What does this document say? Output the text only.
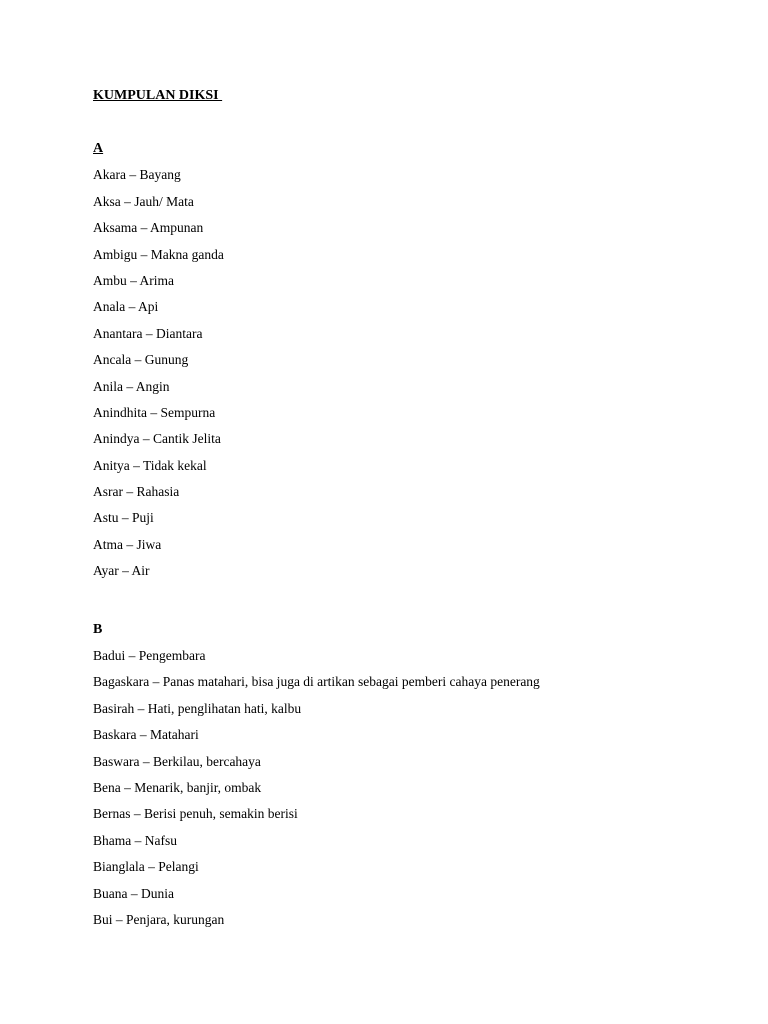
KUMPULAN DIKSI
A
Akara – Bayang
Aksa – Jauh/ Mata
Aksama – Ampunan
Ambigu – Makna ganda
Ambu – Arima
Anala – Api
Anantara – Diantara
Ancala – Gunung
Anila – Angin
Anindhita – Sempurna
Anindya – Cantik Jelita
Anitya – Tidak kekal
Asrar – Rahasia
Astu – Puji
Atma – Jiwa
Ayar – Air
B
Badui – Pengembara
Bagaskara – Panas matahari, bisa juga di artikan sebagai pemberi cahaya penerang
Basirah – Hati, penglihatan hati, kalbu
Baskara – Matahari
Baswara – Berkilau, bercahaya
Bena – Menarik, banjir, ombak
Bernas – Berisi penuh, semakin berisi
Bhama – Nafsu
Bianglala – Pelangi
Buana – Dunia
Bui – Penjara, kurungan
